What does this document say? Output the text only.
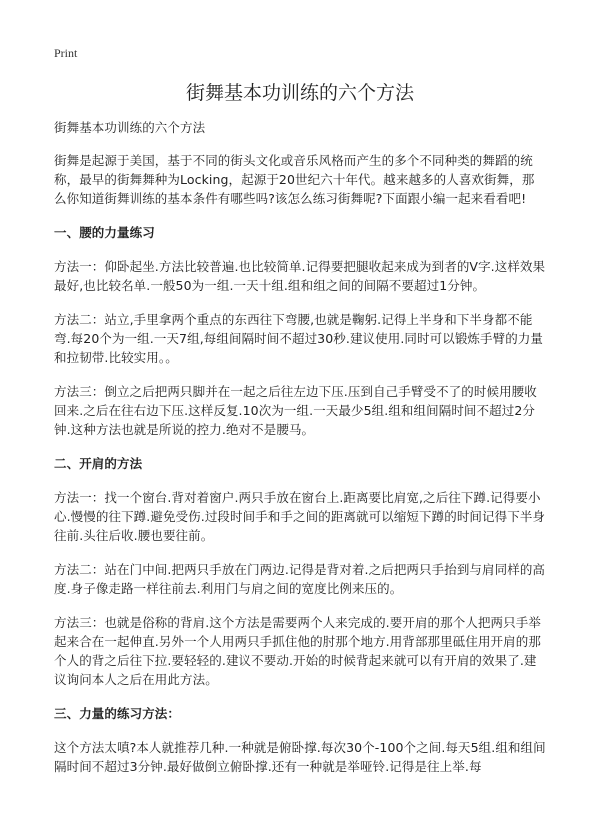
Print
街舞基本功训练的六个方法

街舞基本功训练的六个方法

街舞是起源于美国，基于不同的街头文化或音乐风格而产生的多个不同种类的舞蹈的统称，最早的街舞舞种为Locking，起源于20世纪六十年代。越来越多的人喜欢街舞，那么你知道街舞训练的基本条件有哪些吗?该怎么练习街舞呢?下面跟小编一起来看看吧!

一、腰的力量练习

方法一：仰卧起坐.方法比较普遍.也比较简单.记得要把腿收起来成为到者的V字.这样效果最好,也比较名单.一般50为一组.一天十组.组和组之间的间隔不要超过1分钟。

方法二：站立,手里拿两个重点的东西往下弯腰,也就是鞠躬.记得上半身和下半身都不能弯.每20个为一组.一天7组,每组间隔时间不超过30秒.建议使用.同时可以锻炼手臂的力量和拉韧带.比较实用。。

方法三：倒立之后把两只脚并在一起之后往左边下压.压到自己手臂受不了的时候用腰收回来.之后在往右边下压.这样反复.10次为一组.一天最少5组.组和组间隔时间不超过2分钟.这种方法也就是所说的控力.绝对不是腰马。

二、开肩的方法

方法一：找一个窗台.背对着窗户.两只手放在窗台上.距离要比肩宽,之后往下蹲.记得要小心.慢慢的往下蹲.避免受伤.过段时间手和手之间的距离就可以缩短下蹲的时间记得下半身往前.头往后收.腰也要往前。

方法二：站在门中间.把两只手放在门两边.记得是背对着.之后把两只手抬到与肩同样的高度.身子像走路一样往前去.利用门与肩之间的宽度比例来压的。

方法三：也就是俗称的背肩.这个方法是需要两个人来完成的.要开肩的那个人把两只手举起来合在一起伸直.另外一个人用两只手抓住他的肘那个地方.用背部那里砥住用开肩的那个人的背之后往下拉.要轻轻的.建议不要动.开始的时候背起来就可以有开肩的效果了.建议询问本人之后在用此方法。

三、力量的练习方法：

这个方法太嗔?本人就推荐几种.一种就是俯卧撑.每次30个-100个之间.每天5组.组和组间隔时间不超过3分钟.最好做倒立俯卧撑.还有一种就是举哑铃.记得是往上举.每
